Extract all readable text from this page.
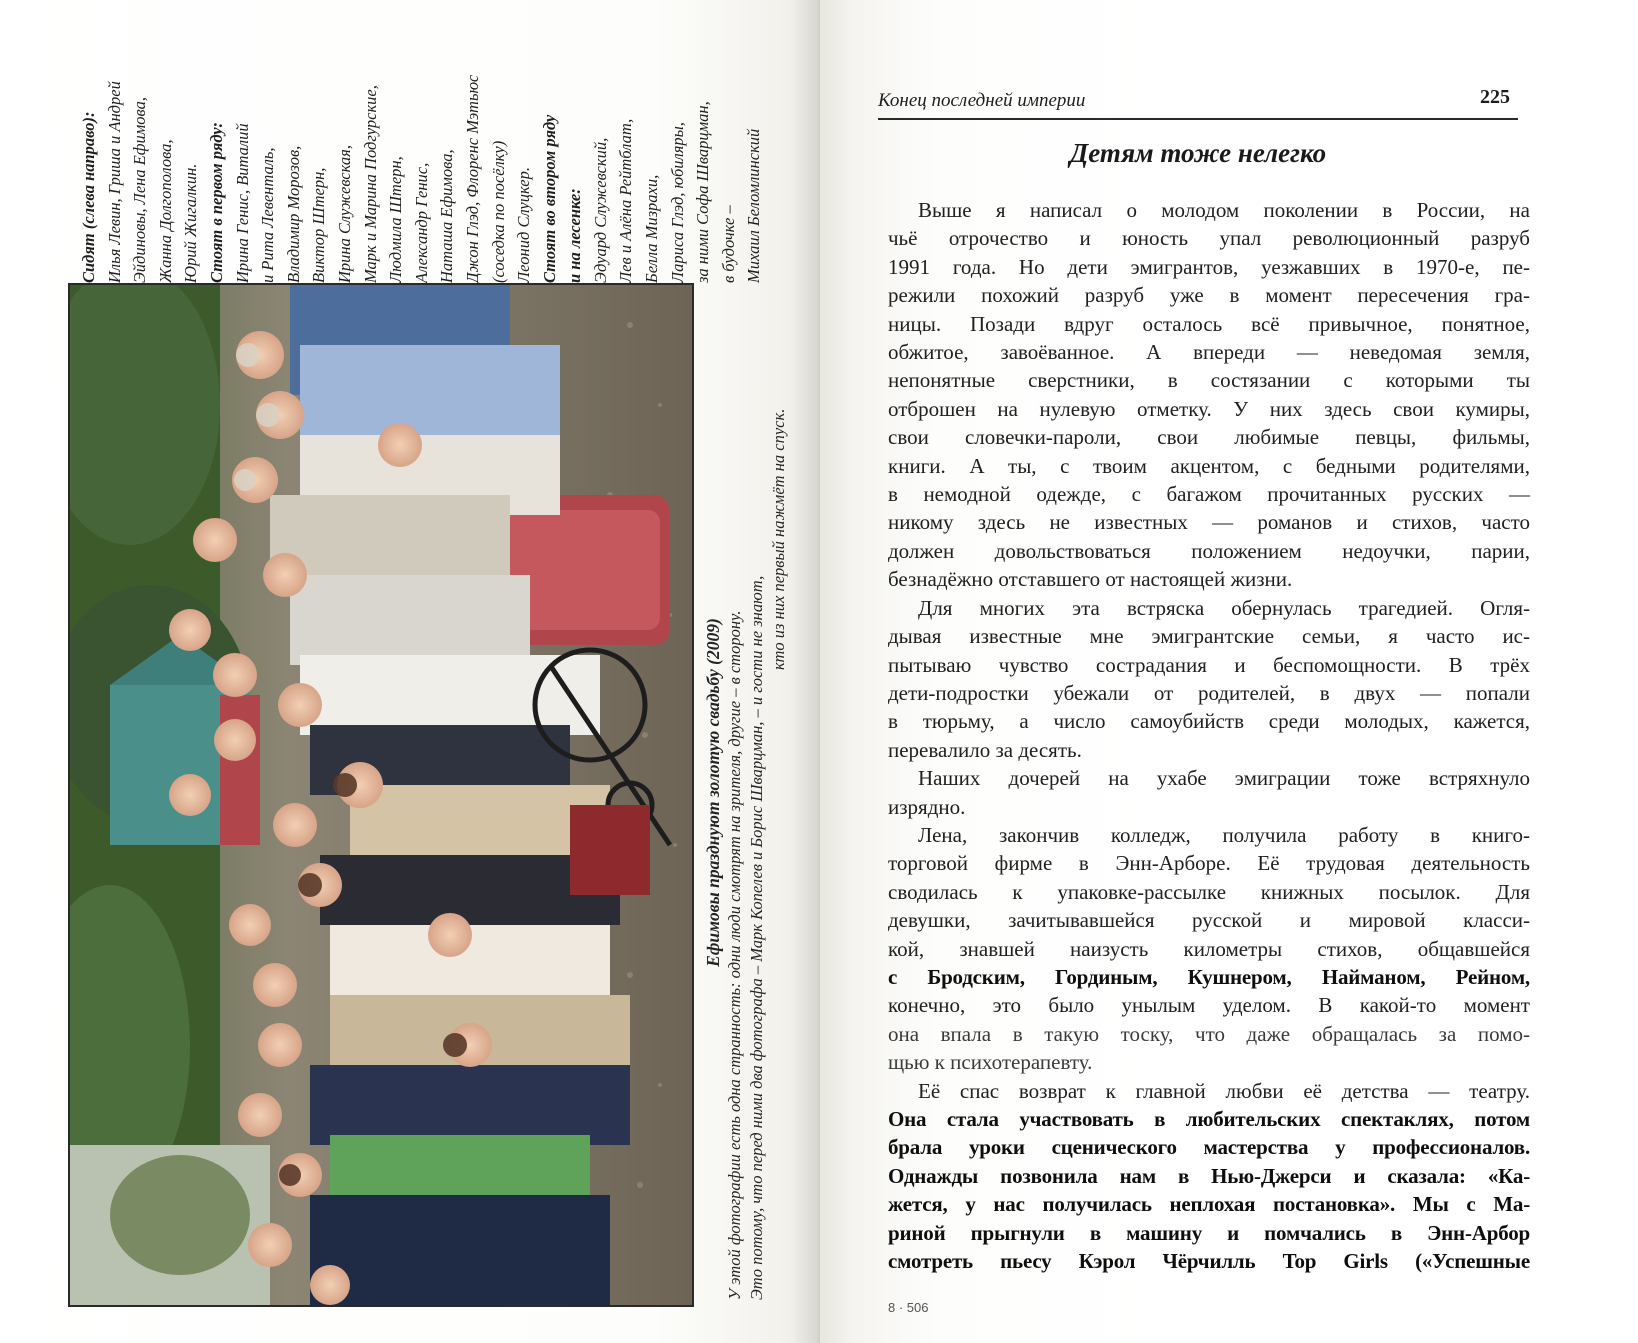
Сидят (слева направо): Илья Левин, Гриша и Андрей Эйдиновы, Лена Ефимова, Жанна Долгополова, Юрий Жигалкин. Стоят в первом ряду: Ирина Генис, Виталий и Рита Левенталь, Владимир Морозов, Виктор Штерн, Ирина Служевская, Марк и Марина Подгурские, Людмила Штерн, Александр Генис, Наташа Ефимова, Джон Глэд, Флоренс Мэтьюс (соседка по посёлку) Леонид Слуцкер. Стоят во втором ряду и на лесенке: Эдуард Служевский, Лев и Алёна Рейтблат, Белла Мизрахи, Лариса Глэд, юбиляры, за ними Софа Шварцман, в будочке – Михаил Беломлинский
Ефимовы празднуют золотую свадьбу (2009) У этой фотографии есть одна странность: одни люди смотрят на зрителя, другие – в сторону. Это потому, что перед ними два фотографа – Марк Копелев и Борис Шварцман, – и гости не знают,
кто из них первый нажмёт на спуск.
Конец последней империи	225
Детям тоже нелегко
Выше я написал о молодом поколении в России, на
чьё отрочество и юность упал революционный разруб
1991 года. Но дети эмигрантов, уезжавших в 1970-е, пе-
режили похожий разруб уже в момент пересечения гра-
ницы. Позади вдруг осталось всё привычное, понятное,
обжитое, завоёванное. А впереди — неведомая земля,
непонятные сверстники, в состязании с которыми ты
отброшен на нулевую отметку. У них здесь свои кумиры,
свои словечки-пароли, свои любимые певцы, фильмы,
книги. А ты, с твоим акцентом, с бедными родителями,
в немодной одежде, с багажом прочитанных русских —
никому здесь не известных — романов и стихов, часто
должен довольствоваться положением недоучки, парии,
безнадёжно отставшего от настоящей жизни.
Для многих эта встряска обернулась трагедией. Огля-
дывая известные мне эмигрантские семьи, я часто ис-
пытываю чувство сострадания и беспомощности. В трёх
дети-подростки убежали от родителей, в двух — попали
в тюрьму, а число самоубийств среди молодых, кажется,
перевалило за десять.
Наших дочерей на ухабе эмиграции тоже встряхнуло
изрядно.
Лена, закончив колледж, получила работу в книго-
торговой фирме в Энн-Арборе. Её трудовая деятельность
сводилась к упаковке-рассылке книжных посылок. Для
девушки, зачитывавшейся русской и мировой класси-
кой, знавшей наизусть километры стихов, общавшейся
с Бродским, Гординым, Кушнером, Найманом, Рейном,
конечно, это было унылым уделом. В какой-то момент
она впала в такую тоску, что даже обращалась за помо-
щью к психотерапевту.
Её спас возврат к главной любви её детства — театру.
Она стала участвовать в любительских спектаклях, потом
брала уроки сценического мастерства у профессионалов.
Однажды позвонила нам в Нью-Джерси и сказала: «Ка-
жется, у нас получилась неплохая постановка». Мы с Ма-
риной прыгнули в машину и помчались в Энн-Арбор
смотреть пьесу Кэрол Чёрчилль Top Girls («Успешные
8 · 506
